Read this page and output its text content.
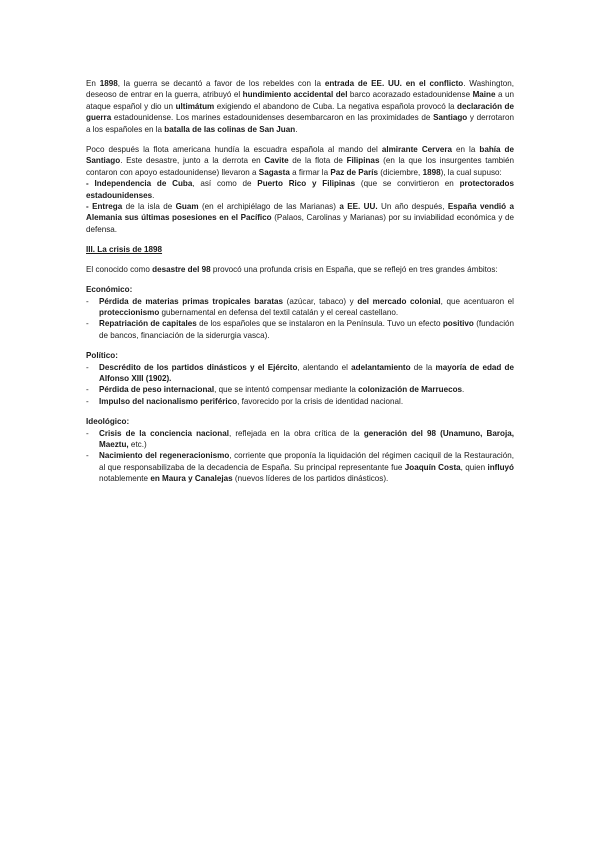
En 1898, la guerra se decantó a favor de los rebeldes con la entrada de EE. UU. en el conflicto. Washington, deseoso de entrar en la guerra, atribuyó el hundimiento accidental del barco acorazado estadounidense Maine a un ataque español y dio un ultimátum exigiendo el abandono de Cuba. La negativa española provocó la declaración de guerra estadounidense. Los marines estadounidenses desembarcaron en las proximidades de Santiago y derrotaron a los españoles en la batalla de las colinas de San Juan.

Poco después la flota americana hundía la escuadra española al mando del almirante Cervera en la bahía de Santiago. Este desastre, junto a la derrota en Cavite de la flota de Filipinas (en la que los insurgentes también contaron con apoyo estadounidense) llevaron a Sagasta a firmar la Paz de París (diciembre, 1898), la cual supuso:
- Independencia de Cuba, así como de Puerto Rico y Filipinas (que se convirtieron en protectorados estadounidenses.
- Entrega de la isla de Guam (en el archipiélago de las Marianas) a EE. UU. Un año después, España vendió a Alemania sus últimas posesiones en el Pacífico (Palaos, Carolinas y Marianas) por su inviabilidad económica y de defensa.
III. La crisis de 1898

El conocido como desastre del 98 provocó una profunda crisis en España, que se reflejó en tres grandes ámbitos:

Económico:
- Pérdida de materias primas tropicales baratas (azúcar, tabaco) y del mercado colonial, que acentuaron el proteccionismo gubernamental en defensa del textil catalán y el cereal castellano.
- Repatriación de capitales de los españoles que se instalaron en la Península. Tuvo un efecto positivo (fundación de bancos, financiación de la siderurgia vasca).
Político:
- Descrédito de los partidos dinásticos y el Ejército, alentando el adelantamiento de la mayoría de edad de Alfonso XIII (1902).
- Pérdida de peso internacional, que se intentó compensar mediante la colonización de Marruecos.
- Impulso del nacionalismo periférico, favorecido por la crisis de identidad nacional.
Ideológico:
- Crisis de la conciencia nacional, reflejada en la obra crítica de la generación del 98 (Unamuno, Baroja, Maeztu, etc.)
- Nacimiento del regeneracionismo, corriente que proponía la liquidación del régimen caciquil de la Restauración, al que responsabilizaba de la decadencia de España. Su principal representante fue Joaquín Costa, quien influyó notablemente en Maura y Canalejas (nuevos líderes de los partidos dinásticos).
